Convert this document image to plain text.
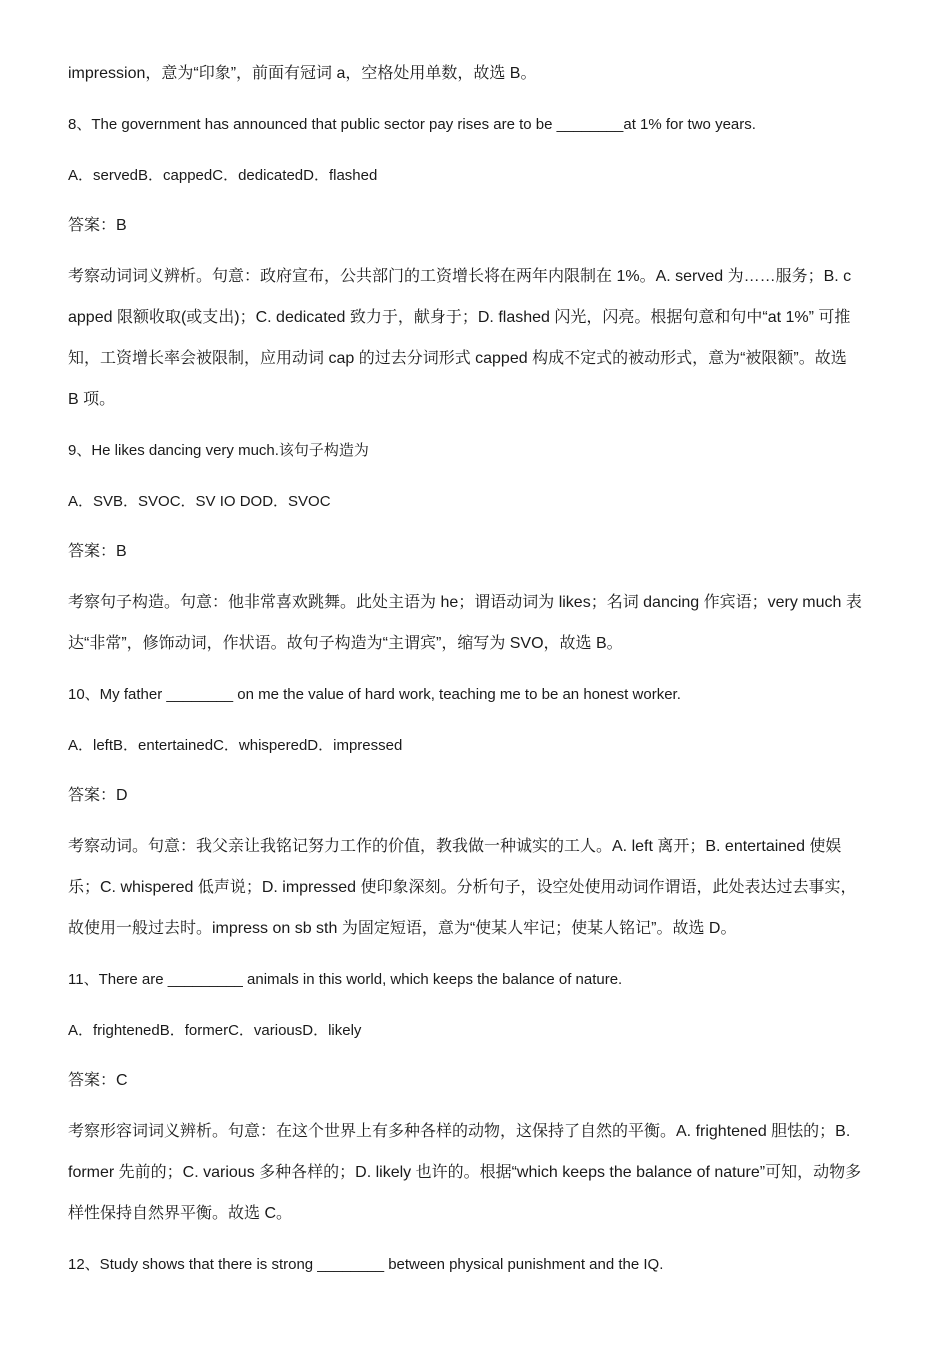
impression，意为“印象”，前面有冠词 a，空格处用单数，故选 B。
8、The government has announced that public sector pay rises are to be ________at 1% for two years.
A．servedB．cappedC．dedicatedD．flashed
答案：B
考察动词词义辨析。句意：政府宣布，公共部门的工资增长将在两年内限制在 1%。A. served 为……服务；B. c
apped 限额收取(或支出)；C. dedicated 致力于，献身于；D. flashed 闪光，闪亮。根据句意和句中“at 1%” 可推
知，工资增长率会被限制，应用动词 cap 的过去分词形式 capped 构成不定式的被动形式，意为“被限额”。故选
B 项。
9、He likes dancing very much.该句子构造为
A．SVB．SVOC．SV IO DOD．SVOC
答案：B
考察句子构造。句意：他非常喜欢跳舞。此处主语为 he；谓语动词为 likes；名词 dancing 作宾语；very much 表
达“非常”，修饰动词，作状语。故句子构造为“主谓宾”，缩写为 SVO，故选 B。
10、My father ________ on me the value of hard work, teaching me to be an honest worker.
A．leftB．entertainedC．whisperedD．impressed
答案：D
考察动词。句意：我父亲让我铭记努力工作的价值，教我做一种诚实的工人。A. left 离开；B. entertained 使娱
乐；C. whispered 低声说；D. impressed 使印象深刻。分析句子，设空处使用动词作谓语，此处表达过去事实，
故使用一般过去时。impress on sb sth 为固定短语，意为“使某人牢记；使某人铭记”。故选 D。
11、There are _________ animals in this world, which keeps the balance of nature.
A．frightenedB．formerC．variousD．likely
答案：C
考察形容词词义辨析。句意：在这个世界上有多种各样的动物，这保持了自然的平衡。A. frightened 胆怯的；B.
former 先前的；C. various 多种各样的；D. likely 也许的。根据“which keeps the balance of nature”可知，动物多
样性保持自然界平衡。故选 C。
12、Study shows that there is strong ________ between physical punishment and the IQ.
